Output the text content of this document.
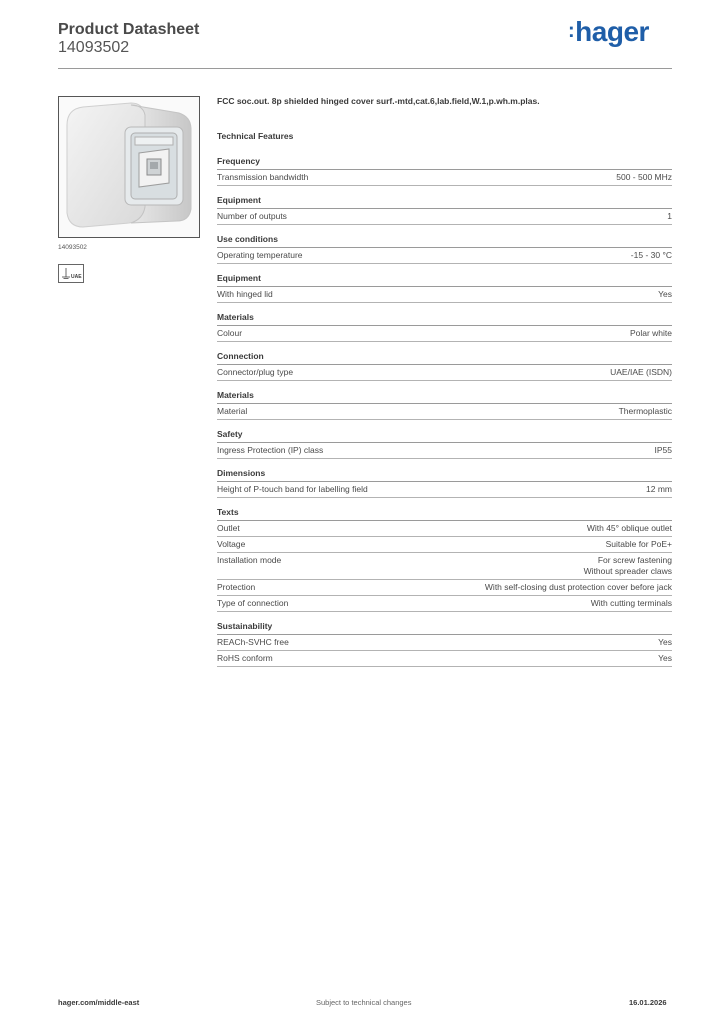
Product Datasheet
14093502
:hager
14093502
UAE
FCC soc.out. 8p shielded hinged cover surf.-mtd,cat.6,lab.field,W.1,p.wh.m.plas.
Technical Features
Frequency
Transmission bandwidth	500 - 500 MHz
Equipment
Number of outputs	1
Use conditions
Operating temperature	-15 - 30 °C
Equipment
With hinged lid	Yes
Materials
Colour	Polar white
Connection
Connector/plug type	UAE/IAE (ISDN)
Materials
Material	Thermoplastic
Safety
Ingress Protection (IP) class	IP55
Dimensions
Height of P-touch band for labelling field	12 mm
Texts
Outlet	With 45° oblique outlet
Voltage	Suitable for PoE+
Installation mode	For screw fastening
Without spreader claws
Protection	With self-closing dust protection cover before jack
Type of connection	With cutting terminals
Sustainability
REACh-SVHC free	Yes
RoHS conform	Yes
hager.com/middle-east	Subject to technical changes	16.01.2026
